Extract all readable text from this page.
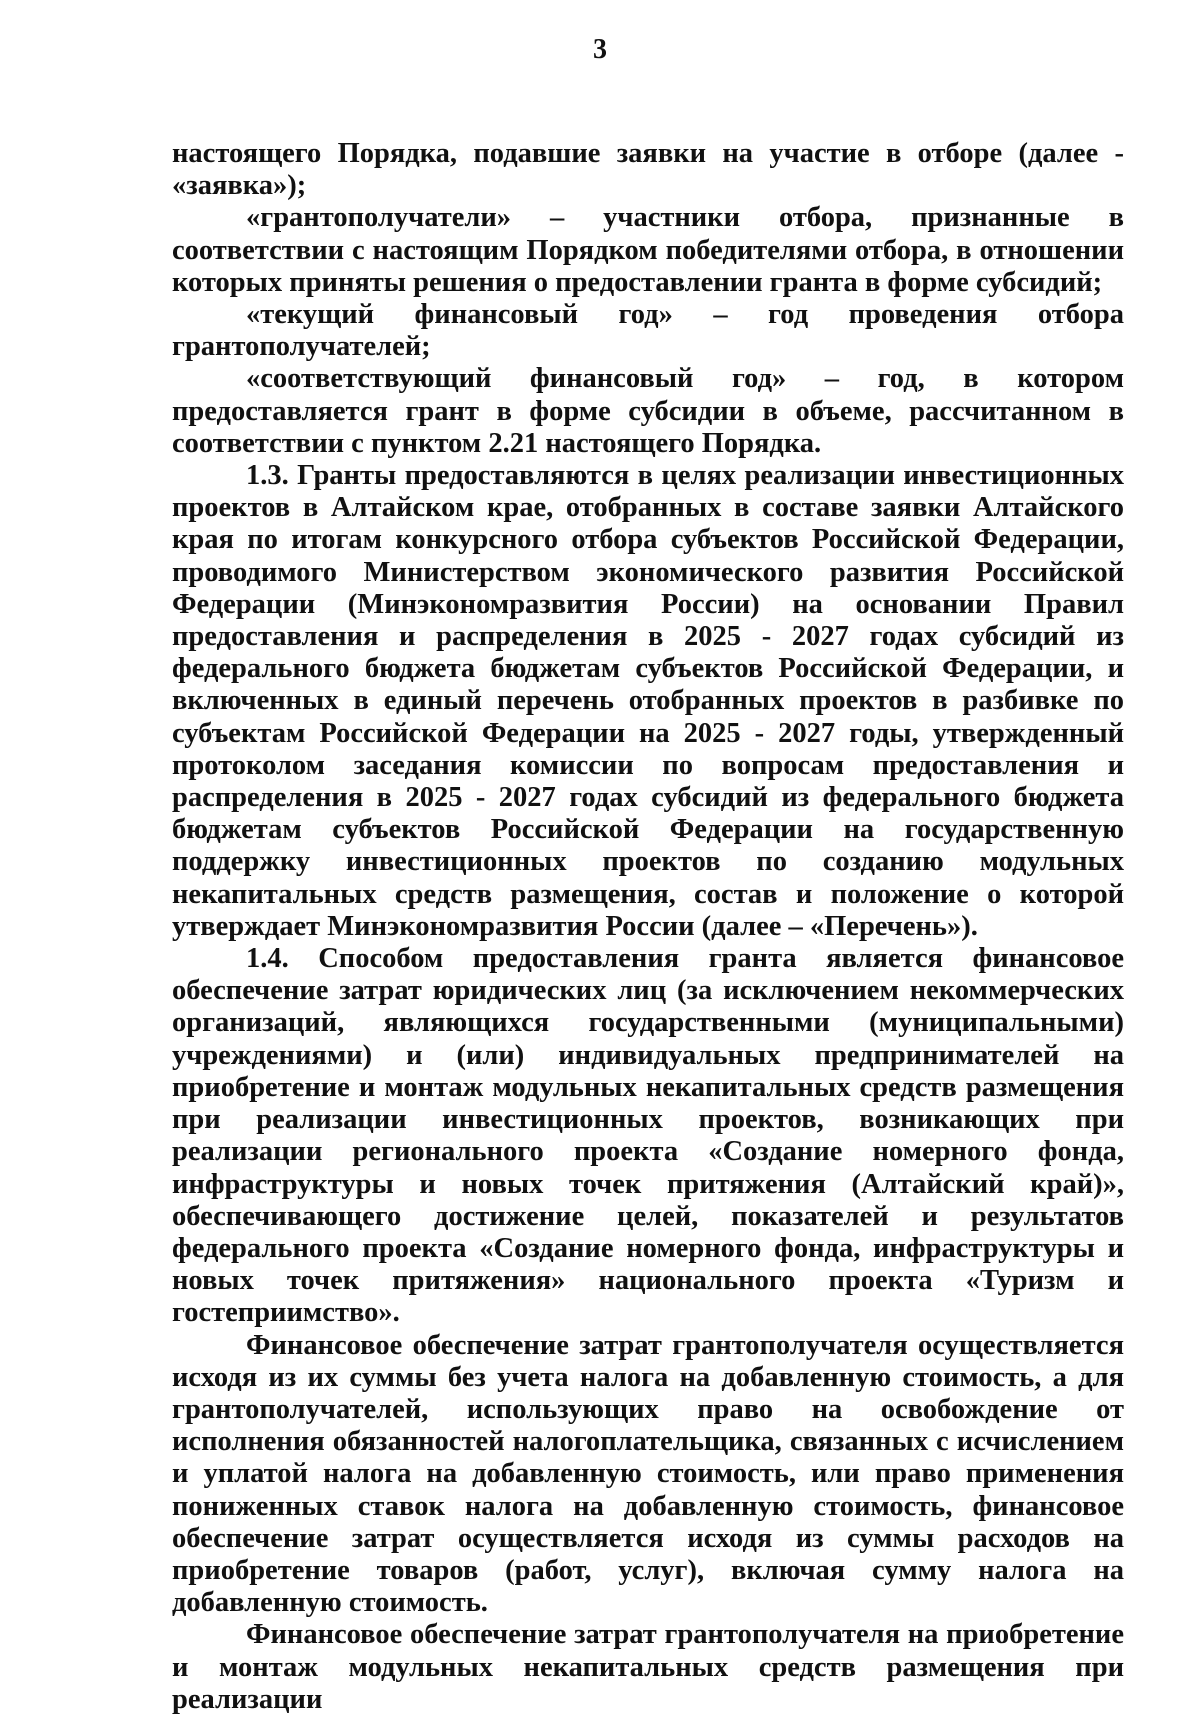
3

настоящего Порядка, подавшие заявки на участие в отборе (далее - «заявка»);

«грантополучатели» – участники отбора, признанные в соответствии с настоящим Порядком победителями отбора, в отношении которых приняты решения о предоставлении гранта в форме субсидий;

«текущий финансовый год» – год проведения отбора грантополучателей;

«соответствующий финансовый год» – год, в котором предоставляется грант в форме субсидии в объеме, рассчитанном в соответствии с пунктом 2.21 настоящего Порядка.

1.3. Гранты предоставляются в целях реализации инвестиционных проектов в Алтайском крае, отобранных в составе заявки Алтайского края по итогам конкурсного отбора субъектов Российской Федерации, проводимого Министерством экономического развития Российской Федерации (Минэкономразвития России) на основании Правил предоставления и распределения в 2025 - 2027 годах субсидий из федерального бюджета бюджетам субъектов Российской Федерации, и включенных в единый перечень отобранных проектов в разбивке по субъектам Российской Федерации на 2025 - 2027 годы, утвержденный протоколом заседания комиссии по вопросам предоставления и распределения в 2025 - 2027 годах субсидий из федерального бюджета бюджетам субъектов Российской Федерации на государственную поддержку инвестиционных проектов по созданию модульных некапитальных средств размещения, состав и положение о которой утверждает Минэкономразвития России (далее – «Перечень»).

1.4. Способом предоставления гранта является финансовое обеспечение затрат юридических лиц (за исключением некоммерческих организаций, являющихся государственными (муниципальными) учреждениями) и (или) индивидуальных предпринимателей на приобретение и монтаж модульных некапитальных средств размещения при реализации инвестиционных проектов, возникающих при реализации регионального проекта «Создание номерного фонда, инфраструктуры и новых точек притяжения (Алтайский край)», обеспечивающего достижение целей, показателей и результатов федерального проекта «Создание номерного фонда, инфраструктуры и новых точек притяжения» национального проекта «Туризм и гостеприимство».

Финансовое обеспечение затрат грантополучателя осуществляется исходя из их суммы без учета налога на добавленную стоимость, а для грантополучателей, использующих право на освобождение от исполнения обязанностей налогоплательщика, связанных с исчислением и уплатой налога на добавленную стоимость, или право применения пониженных ставок налога на добавленную стоимость, финансовое обеспечение затрат осуществляется исходя из суммы расходов на приобретение товаров (работ, услуг), включая сумму налога на добавленную стоимость.

Финансовое обеспечение затрат грантополучателя на приобретение и монтаж модульных некапитальных средств размещения при реализации
